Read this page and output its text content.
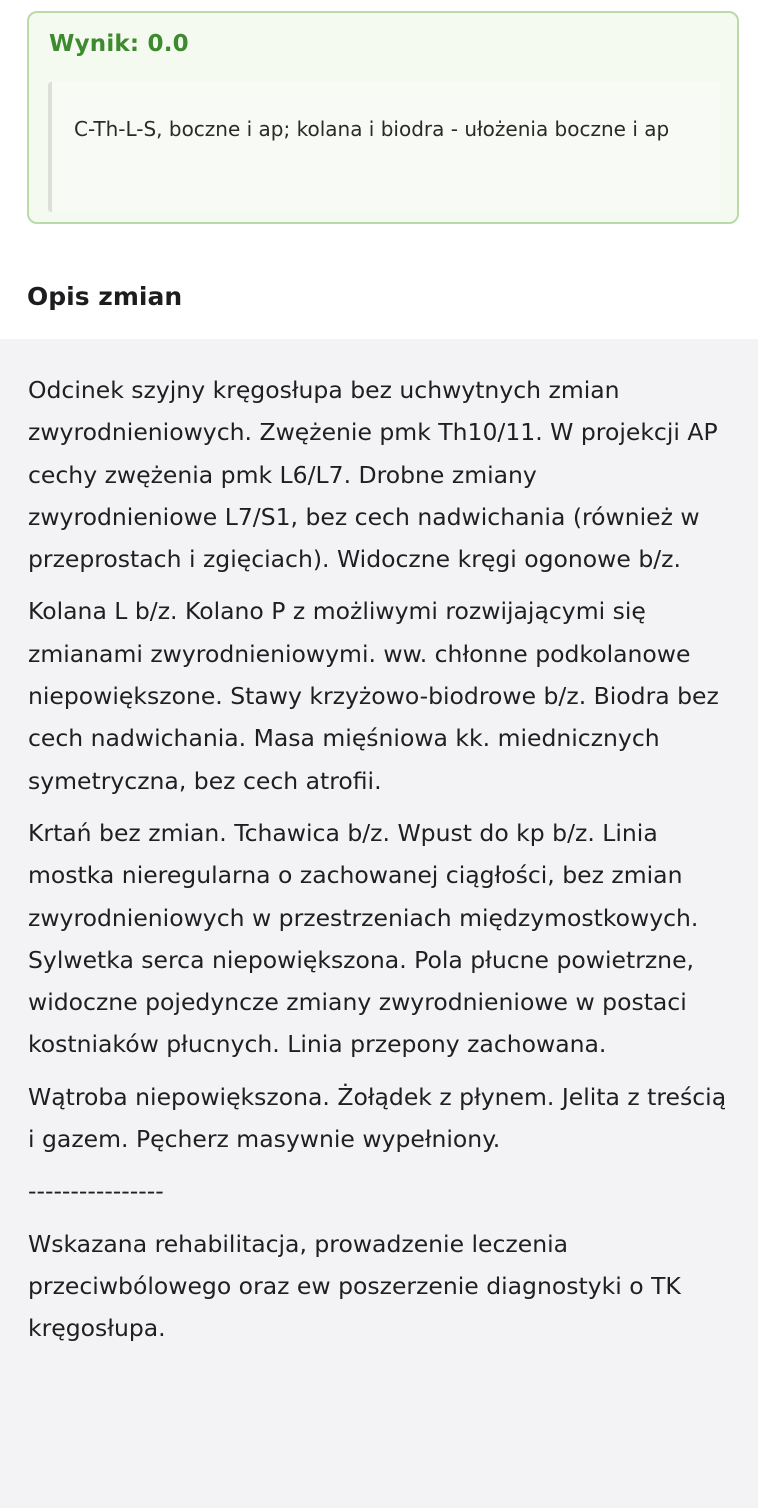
Wynik: 0.0
C-Th-L-S, boczne i ap; kolana i biodra - ułożenia boczne i ap
Opis zmian

Odcinek szyjny kręgosłupa bez uchwytnych zmian zwyrodnieniowych. Zwężenie pmk Th10/11. W projekcji AP cechy zwężenia pmk L6/L7. Drobne zmiany zwyrodnieniowe L7/S1, bez cech nadwichania (również w przeprostach i zgięciach). Widoczne kręgi ogonowe b/z.

Kolana L b/z. Kolano P z możliwymi rozwijającymi się zmianami zwyrodnieniowymi. ww. chłonne podkolanowe niepowiększone. Stawy krzyżowo-biodrowe b/z. Biodra bez cech nadwichania. Masa mięśniowa kk. miednicznych symetryczna, bez cech atrofii.

Krtań bez zmian. Tchawica b/z. Wpust do kp b/z. Linia mostka nieregularna o zachowanej ciągłości, bez zmian zwyrodnieniowych w przestrzeniach międzymostkowych. Sylwetka serca niepowiększona. Pola płucne powietrzne, widoczne pojedyncze zmiany zwyrodnieniowe w postaci kostniaków płucnych. Linia przepony zachowana.

Wątroba niepowiększona. Żołądek z płynem. Jelita z treścią i gazem. Pęcherz masywnie wypełniony.

----------------

Wskazana rehabilitacja, prowadzenie leczenia przeciwbólowego oraz ew poszerzenie diagnostyki o TK kręgosłupa.
